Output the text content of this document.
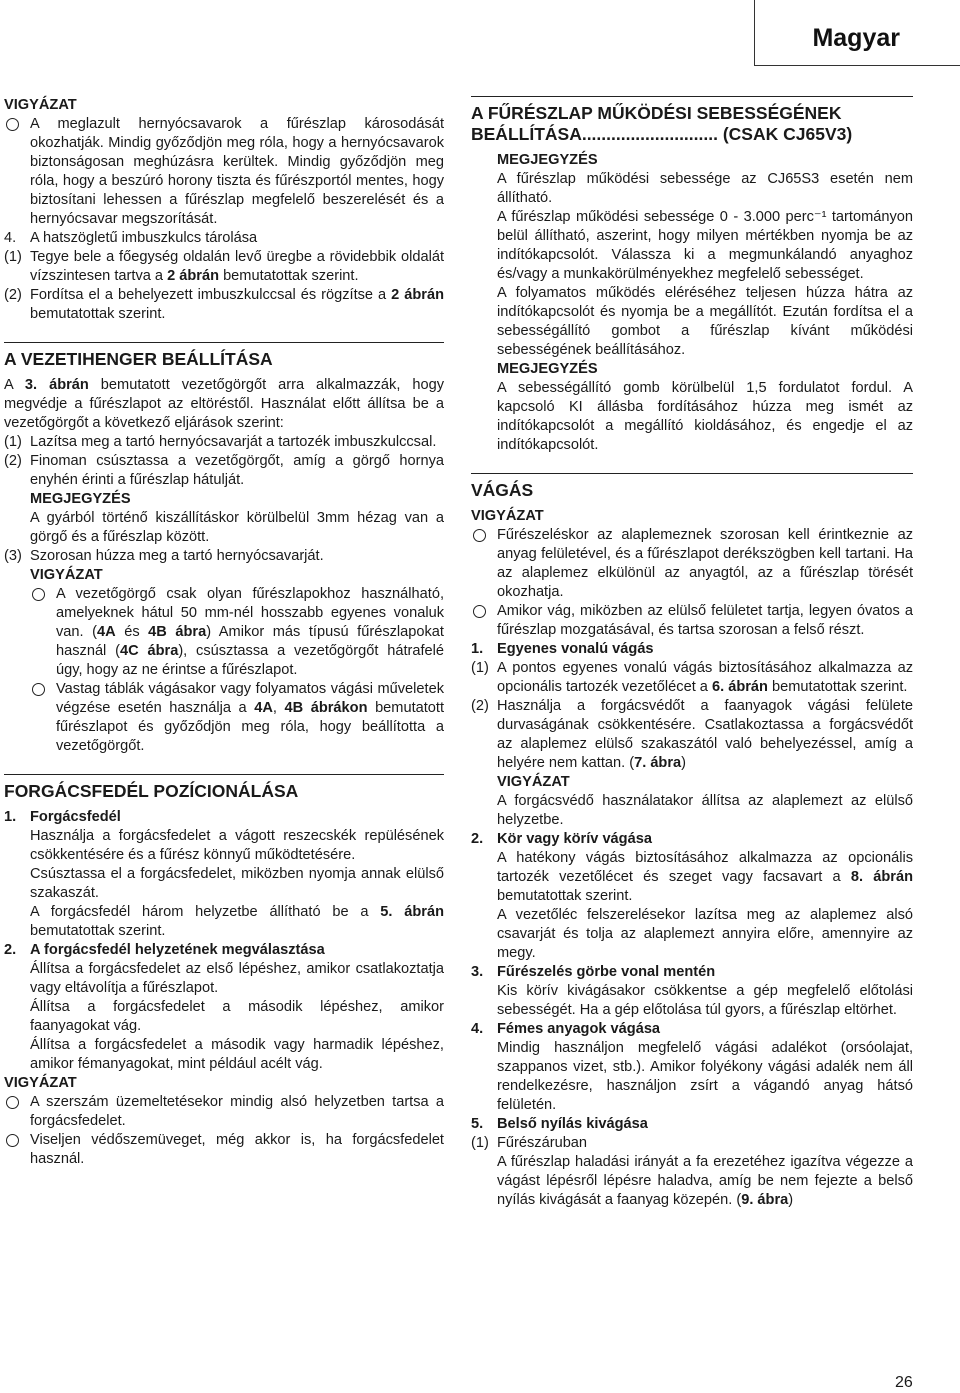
Magyar

VIGYÁZAT

A meglazult hernyócsavarok a fűrészlap károsodását okozhatják. Mindig győződjön meg róla, hogy a hernyócsavarok biztonságosan meghúzásra kerültek. Mindig győződjön meg róla, hogy a beszúró horony tiszta és fűrészportól mentes, hogy biztosítani lehessen a fűrészlap megfelelő beszerelését és a hernyócsavar megszorítását.

4. A hatszögletű imbuszkulcs tárolása

(1) Tegye bele a főegység oldalán levő üregbe a rövidebbik oldalát vízszintesen tartva a 2 ábrán bemutatottak szerint.

(2) Fordítsa el a behelyezett imbuszkulccsal és rögzítse a 2 ábrán bemutatottak szerint.

A VEZETIHENGER BEÁLLÍTÁSA

A 3. ábrán bemutatott vezetőgörgőt arra alkalmazzák, hogy megvédje a fűrészlapot az eltöréstől. Használat előtt állítsa be a vezetőgörgőt a következő eljárások szerint:

(1) Lazítsa meg a tartó hernyócsavarját a tartozék imbuszkulccsal.

(2) Finoman csúsztassa a vezetőgörgőt, amíg a görgő hornya enyhén érinti a fűrészlap hátulját.

MEGJEGYZÉS

A gyárból történő kiszállításkor körülbelül 3mm hézag van a görgő és a fűrészlap között.

(3) Szorosan húzza meg a tartó hernyócsavarját.

VIGYÁZAT

A vezetőgörgő csak olyan fűrészlapokhoz használható, amelyeknek hátul 50 mm-nél hosszabb egyenes vonaluk van. (4A és 4B ábra) Amikor más típusú fűrészlapokat használ (4C ábra), csúsztassa a vezetőgörgőt hátrafelé úgy, hogy az ne érintse a fűrészlapot.

Vastag táblák vágásakor vagy folyamatos vágási műveletek végzése esetén használja a 4A, 4B ábrákon bemutatott fűrészlapot és győződjön meg róla, hogy beállította a vezetőgörgőt.

FORGÁCSFEDÉL POZÍCIONÁLÁSA

1. Forgácsfedél

Használja a forgácsfedelet a vágott reszecskék repülésének csökkentésére és a fűrész könnyű működtetésére.

Csúsztassa el a forgácsfedelet, miközben nyomja annak elülső szakaszát.

A forgácsfedél három helyzetbe állítható be a 5. ábrán bemutatottak szerint.

2. A forgácsfedél helyzetének megválasztása

Állítsa a forgácsfedelet az első lépéshez, amikor csatlakoztatja vagy eltávolítja a fűrészlapot.

Állítsa a forgácsfedelet a második lépéshez, amikor faanyagokat vág.

Állítsa a forgácsfedelet a második vagy harmadik lépéshez, amikor fémanyagokat, mint például acélt vág.

VIGYÁZAT

A szerszám üzemeltetésekor mindig alsó helyzetben tartsa a forgácsfedelet.

Viseljen védőszemüveget, még akkor is, ha forgácsfedelet használ.

A FŰRÉSZLAP MŰKÖDÉSI SEBESSÉGÉNEK BEÁLLÍTÁSA............................ (CSAK CJ65V3)

MEGJEGYZÉS

A fűrészlap működési sebessége az CJ65S3 esetén nem állítható.

A fűrészlap működési sebessége 0 - 3.000 perc⁻¹ tartományon belül állítható, aszerint, hogy milyen mértékben nyomja be az indítókapcsolót. Válassza ki a megmunkálandó anyaghoz és/vagy a munkakörülményekhez megfelelő sebességet.

A folyamatos működés eléréséhez teljesen húzza hátra az indítókapcsolót és nyomja be a megállítót. Ezután fordítsa el a sebességállító gombot a fűrészlap kívánt működési sebességének beállításához.

MEGJEGYZÉS

A sebességállító gomb körülbelül 1,5 fordulatot fordul. A kapcsoló KI állásba fordításához húzza meg ismét az indítókapcsolót a megállító kioldásához, és engedje el az indítókapcsolót.

VÁGÁS

VIGYÁZAT

Fűrészeléskor az alaplemeznek szorosan kell érintkeznie az anyag felületével, és a fűrészlapot derékszögben kell tartani. Ha az alaplemez elkülönül az anyagtól, az a fűrészlap törését okozhatja.

Amikor vág, miközben az elülső felületet tartja, legyen óvatos a fűrészlap mozgatásával, és tartsa szorosan a felső részt.

1. Egyenes vonalú vágás

(1) A pontos egyenes vonalú vágás biztosításához alkalmazza az opcionális tartozék vezetőlécet a 6. ábrán bemutatottak szerint.

(2) Használja a forgácsvédőt a faanyagok vágási felülete durvaságának csökkentésére. Csatlakoztassa a forgácsvédőt az alaplemez elülső szakaszától való behelyezéssel, amíg a helyére nem kattan. (7. ábra)

VIGYÁZAT

A forgácsvédő használatakor állítsa az alaplemezt az elülső helyzetbe.

2. Kör vagy körív vágása

A hatékony vágás biztosításához alkalmazza az opcionális tartozék vezetőlécet és szeget vagy facsavart a 8. ábrán bemutatottak szerint.

A vezetőléc felszerelésekor lazítsa meg az alaplemez alsó csavarját és tolja az alaplemezt annyira előre, amennyire az megy.

3. Fűrészelés görbe vonal mentén

Kis körív kivágásakor csökkentse a gép megfelelő előtolási sebességét. Ha a gép előtolása túl gyors, a fűrészlap eltörhet.

4. Fémes anyagok vágása

Mindig használjon megfelelő vágási adalékot (orsóolajat, szappanos vizet, stb.). Amikor folyékony vágási adalék nem áll rendelkezésre, használjon zsírt a vágandó anyag hátsó felületén.

5. Belső nyílás kivágása

(1) Fűrészáruban

A fűrészlap haladási irányát a fa erezetéhez igazítva végezze a vágást lépésről lépésre haladva, amíg be nem fejezte a belső nyílás kivágását a faanyag közepén. (9. ábra)

26
